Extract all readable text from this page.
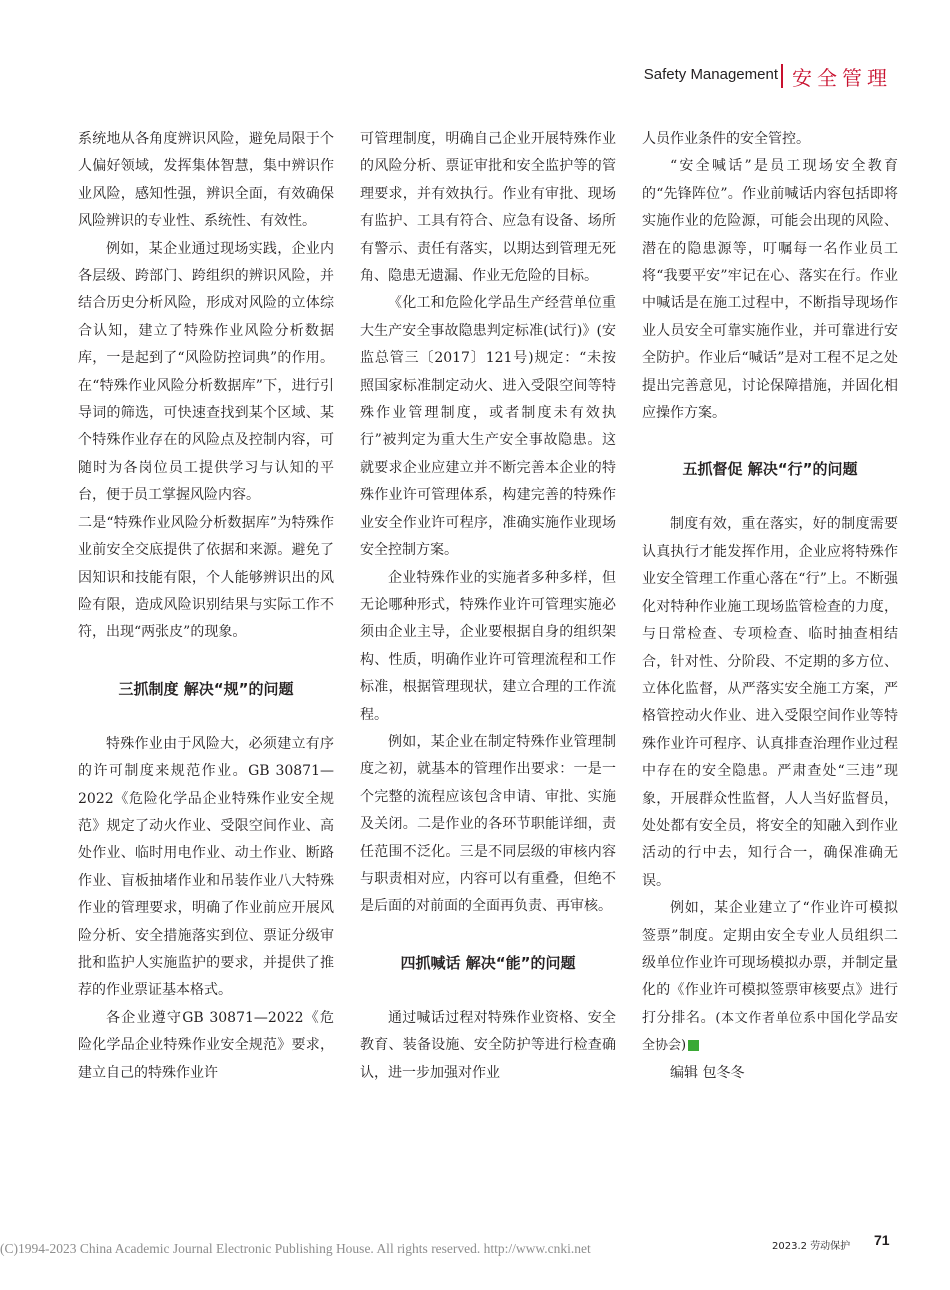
Safety Management 安全管理

系统地从各角度辨识风险，避免局限于个人偏好领域，发挥集体智慧，集中辨识作业风险，感知性强，辨识全面，有效确保风险辨识的专业性、系统性、有效性。

例如，某企业通过现场实践，企业内各层级、跨部门、跨组织的辨识风险，并结合历史分析风险，形成对风险的立体综合认知，建立了特殊作业风险分析数据库，一是起到了“风险防控词典”的作用。在“特殊作业风险分析数据库”下，进行引导词的筛选，可快速查找到某个区域、某个特殊作业存在的风险点及控制内容，可随时为各岗位员工提供学习与认知的平台，便于员工掌握风险内容。

二是“特殊作业风险分析数据库”为特殊作业前安全交底提供了依据和来源。避免了因知识和技能有限，个人能够辨识出的风险有限，造成风险识别结果与实际工作不符，出现“两张皮”的现象。

三抓制度 解决“规”的问题

特殊作业由于风险大，必须建立有序的许可制度来规范作业。GB 30871—2022《危险化学品企业特殊作业安全规范》规定了动火作业、受限空间作业、高处作业、临时用电作业、动土作业、断路作业、盲板抽堵作业和吊装作业八大特殊作业的管理要求，明确了作业前应开展风险分析、安全措施落实到位、票证分级审批和监护人实施监护的要求，并提供了推荐的作业票证基本格式。

各企业遵守GB 30871—2022《危险化学品企业特殊作业安全规范》要求，建立自己的特殊作业许

可管理制度，明确自己企业开展特殊作业的风险分析、票证审批和安全监护等的管理要求，并有效执行。作业有审批、现场有监护、工具有符合、应急有设备、场所有警示、责任有落实，以期达到管理无死角、隐患无遗漏、作业无危险的目标。

《化工和危险化学品生产经营单位重大生产安全事故隐患判定标准(试行)》(安监总管三〔2017〕121号)规定：“未按照国家标准制定动火、进入受限空间等特殊作业管理制度，或者制度未有效执行”被判定为重大生产安全事故隐患。这就要求企业应建立并不断完善本企业的特殊作业许可管理体系，构建完善的特殊作业安全作业许可程序，准确实施作业现场安全控制方案。

企业特殊作业的实施者多种多样，但无论哪种形式，特殊作业许可管理实施必须由企业主导，企业要根据自身的组织架构、性质，明确作业许可管理流程和工作标准，根据管理现状，建立合理的工作流程。

例如，某企业在制定特殊作业管理制度之初，就基本的管理作出要求：一是一个完整的流程应该包含申请、审批、实施及关闭。二是作业的各环节职能详细，责任范围不泛化。三是不同层级的审核内容与职责相对应，内容可以有重叠，但绝不是后面的对前面的全面再负责、再审核。

四抓喊话 解决“能”的问题

通过喊话过程对特殊作业资格、安全教育、装备设施、安全防护等进行检查确认，进一步加强对作业

人员作业条件的安全管控。

“安全喊话”是员工现场安全教育的“先锋阵位”。作业前喊话内容包括即将实施作业的危险源，可能会出现的风险、潜在的隐患源等，叮嘱每一名作业员工将“我要平安”牢记在心、落实在行。作业中喊话是在施工过程中，不断指导现场作业人员安全可靠实施作业，并可靠进行安全防护。作业后“喊话”是对工程不足之处提出完善意见，讨论保障措施，并固化相应操作方案。

五抓督促 解决“行”的问题

制度有效，重在落实，好的制度需要认真执行才能发挥作用，企业应将特殊作业安全管理工作重心落在“行”上。不断强化对特种作业施工现场监管检查的力度，与日常检查、专项检查、临时抽查相结合，针对性、分阶段、不定期的多方位、立体化监督，从严落实安全施工方案，严格管控动火作业、进入受限空间作业等特殊作业许可程序、认真排查治理作业过程中存在的安全隐患。严肃查处“三违”现象，开展群众性监督，人人当好监督员，处处都有安全员，将安全的知融入到作业活动的行中去，知行合一，确保准确无误。

例如，某企业建立了“作业许可模拟签票”制度。定期由安全专业人员组织二级单位作业许可现场模拟办票，并制定量化的《作业许可模拟签票审核要点》进行打分排名。(本文作者单位系中国化学品安全协会)

编辑 包冬冬

2023.2 劳动保护 71
(C)1994-2023 China Academic Journal Electronic Publishing House. All rights reserved. http://www.cnki.net
